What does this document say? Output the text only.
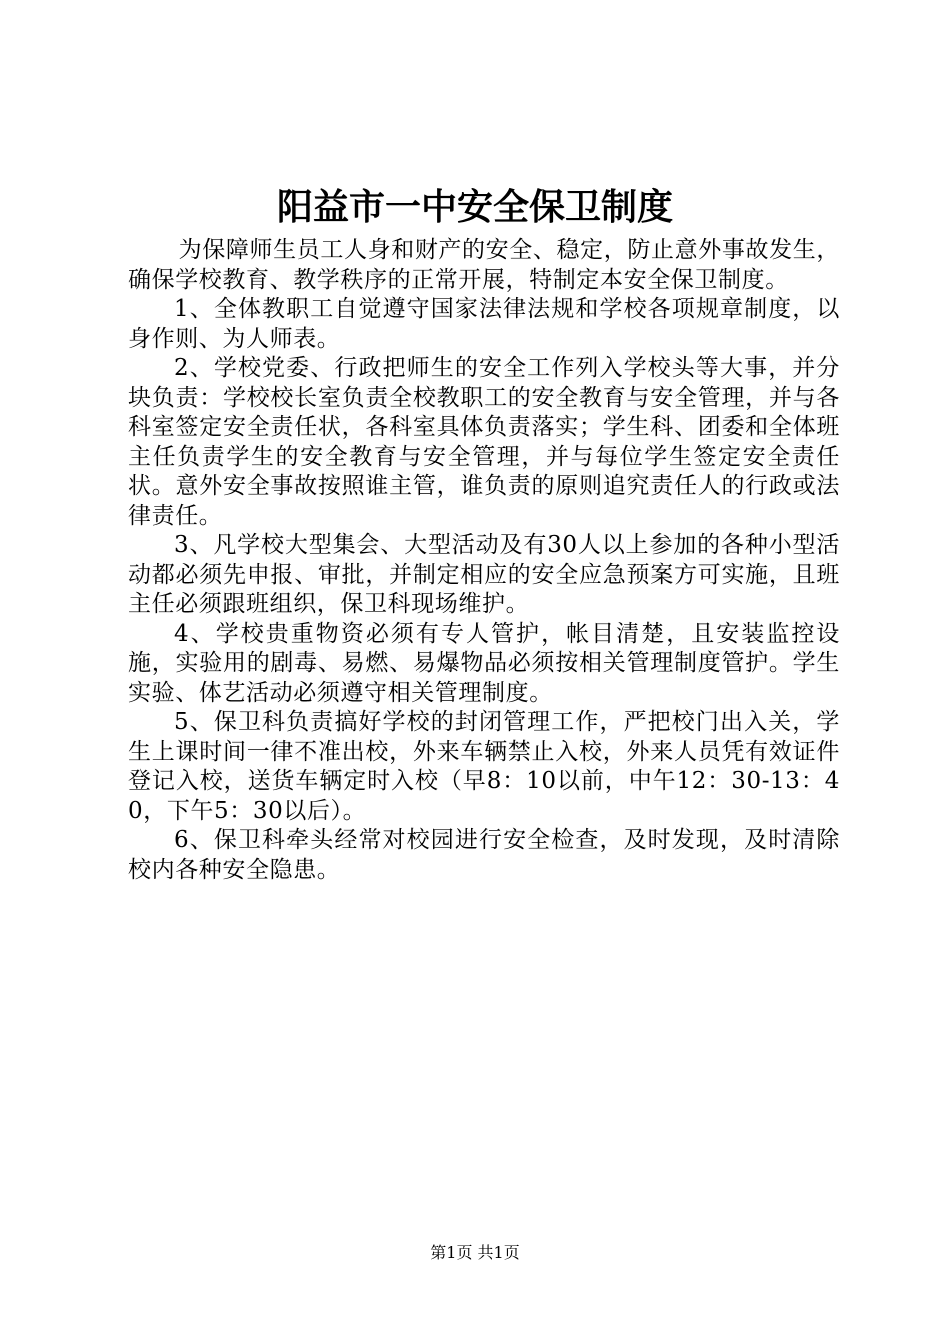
阳益市一中安全保卫制度

为保障师生员工人身和财产的安全、稳定，防止意外事故发生，确保学校教育、教学秩序的正常开展，特制定本安全保卫制度。

1、全体教职工自觉遵守国家法律法规和学校各项规章制度，以身作则、为人师表。

2、学校党委、行政把师生的安全工作列入学校头等大事，并分块负责：学校校长室负责全校教职工的安全教育与安全管理，并与各科室签定安全责任状，各科室具体负责落实；学生科、团委和全体班主任负责学生的安全教育与安全管理，并与每位学生签定安全责任状。意外安全事故按照谁主管，谁负责的原则追究责任人的行政或法律责任。

3、凡学校大型集会、大型活动及有30人以上参加的各种小型活动都必须先申报、审批，并制定相应的安全应急预案方可实施，且班主任必须跟班组织，保卫科现场维护。

4、学校贵重物资必须有专人管护，帐目清楚，且安装监控设施，实验用的剧毒、易燃、易爆物品必须按相关管理制度管护。学生实验、体艺活动必须遵守相关管理制度。

5、保卫科负责搞好学校的封闭管理工作，严把校门出入关，学生上课时间一律不准出校，外来车辆禁止入校，外来人员凭有效证件登记入校，送货车辆定时入校（早8：10以前，中午12：30-13：40，下午5：30以后）。

6、保卫科牵头经常对校园进行安全检查，及时发现，及时清除校内各种安全隐患。

第1页 共1页
